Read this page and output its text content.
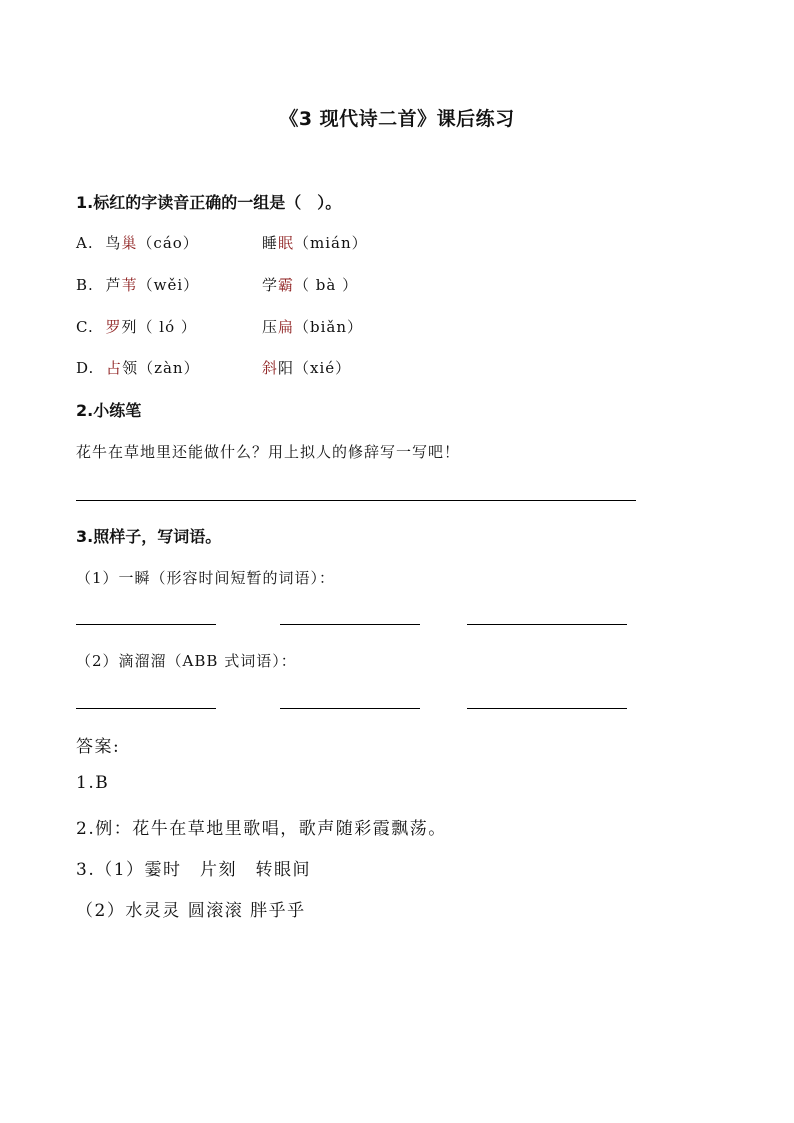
《3 现代诗二首》课后练习
1.标红的字读音正确的一组是（　）。
A. 鸟巢（cáo）	睡眠（mián）
B. 芦苇（wěi）	学霸（ bà ）
C. 罗列（ ló ）	压扁（biǎn）
D. 占领（zàn）	斜阳（xié）
2.小练笔
花牛在草地里还能做什么？用上拟人的修辞写一写吧！
3.照样子，写词语。
（1）一瞬（形容时间短暂的词语）：
（2）滴溜溜（ABB 式词语）：
答案:
1.B
2.例：花牛在草地里歌唱，歌声随彩霞飘荡。
3.（1）霎时　片刻　转眼间
（2）水灵灵 圆滚滚 胖乎乎
